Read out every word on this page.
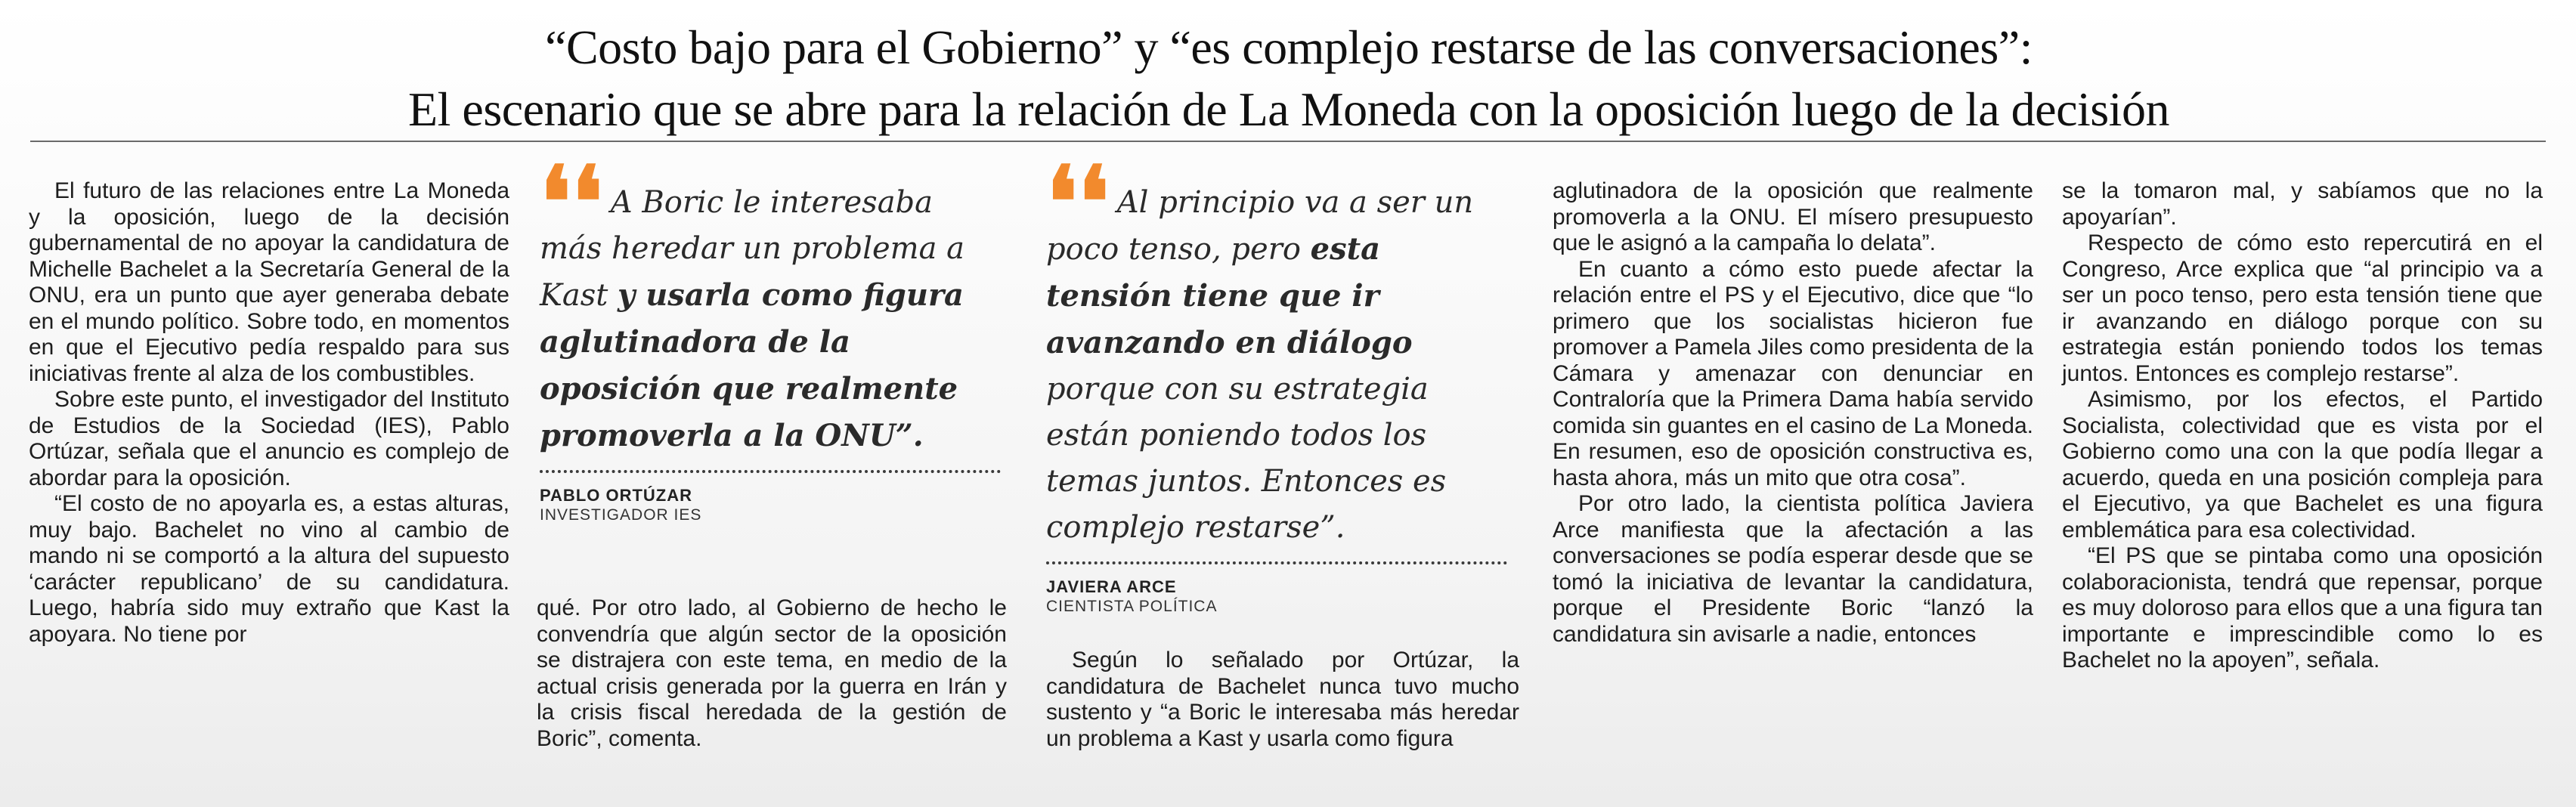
“Costo bajo para el Gobierno” y “es complejo restarse de las conversaciones”:
El escenario que se abre para la relación de La Moneda con la oposición luego de la decisión

El futuro de las relaciones entre La Moneda y la oposición, luego de la decisión gubernamental de no apoyar la candidatura de Michelle Bachelet a la Secretaría General de la ONU, era un punto que ayer generaba debate en el mundo político. Sobre todo, en momentos en que el Ejecutivo pedía respaldo para sus iniciativas frente al alza de los combustibles.

Sobre este punto, el investigador del Instituto de Estudios de la Sociedad (IES), Pablo Ortúzar, señala que el anuncio es complejo de abordar para la oposición.

“El costo de no apoyarla es, a estas alturas, muy bajo. Bachelet no vino al cambio de mando ni se comportó a la altura del supuesto ‘carácter republicano’ de su candidatura. Luego, habría sido muy extraño que Kast la apoyara. No tiene por

❛❛ A Boric le interesaba más heredar un problema a Kast y usarla como figura aglutinadora de la oposición que realmente promoverla a la ONU”.
PABLO ORTÚZAR
INVESTIGADOR IES

qué. Por otro lado, al Gobierno de hecho le convendría que algún sector de la oposición se distrajera con este tema, en medio de la actual crisis generada por la guerra en Irán y la crisis fiscal heredada de la gestión de Boric”, comenta.

❛❛ Al principio va a ser un poco tenso, pero esta tensión tiene que ir avanzando en diálogo porque con su estrategia están poniendo todos los temas juntos. Entonces es complejo restarse”.
JAVIERA ARCE
CIENTISTA POLÍTICA

Según lo señalado por Ortúzar, la candidatura de Bachelet nunca tuvo mucho sustento y “a Boric le interesaba más heredar un problema a Kast y usarla como figura

aglutinadora de la oposición que realmente promoverla a la ONU. El mísero presupuesto que le asignó a la campaña lo delata”.

En cuanto a cómo esto puede afectar la relación entre el PS y el Ejecutivo, dice que “lo primero que los socialistas hicieron fue promover a Pamela Jiles como presidenta de la Cámara y amenazar con denunciar en Contraloría que la Primera Dama había servido comida sin guantes en el casino de La Moneda. En resumen, eso de oposición constructiva es, hasta ahora, más un mito que otra cosa”.

Por otro lado, la cientista política Javiera Arce manifiesta que la afectación a las conversaciones se podía esperar desde que se tomó la iniciativa de levantar la candidatura, porque el Presidente Boric “lanzó la candidatura sin avisarle a nadie, entonces

se la tomaron mal, y sabíamos que no la apoyarían”.

Respecto de cómo esto repercutirá en el Congreso, Arce explica que “al principio va a ser un poco tenso, pero esta tensión tiene que ir avanzando en diálogo porque con su estrategia están poniendo todos los temas juntos. Entonces es complejo restarse”.

Asimismo, por los efectos, el Partido Socialista, colectividad que es vista por el Gobierno como una con la que podía llegar a acuerdo, queda en una posición compleja para el Ejecutivo, ya que Bachelet es una figura emblemática para esa colectividad.

“El PS que se pintaba como una oposición colaboracionista, tendrá que repensar, porque es muy doloroso para ellos que a una figura tan importante e imprescindible como lo es Bachelet no la apoyen”, señala.
